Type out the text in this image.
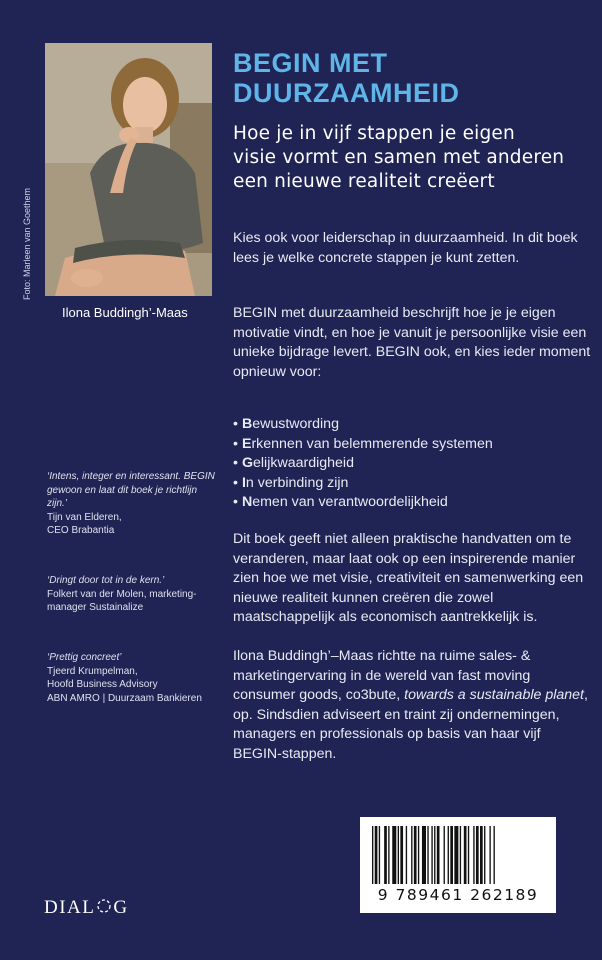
Foto: Marleen van Goethem
Ilona Buddingh’-Maas
BEGIN MET
DUURZAAMHEID
Hoe je in vijf stappen je eigen
visie vormt en samen met anderen
een nieuwe realiteit creëert

Kies ook voor leiderschap in duurzaamheid. In dit boek lees je welke concrete stappen je kunt zetten.

BEGIN met duurzaamheid beschrijft hoe je je eigen motivatie vindt, en hoe je vanuit je persoonlijke visie een unieke bijdrage levert. BEGIN ook, en kies ieder moment opnieuw voor:

• Bewustwording
• Erkennen van belemmerende systemen
• Gelijkwaardigheid
• In verbinding zijn
• Nemen van verantwoordelijkheid

Dit boek geeft niet alleen praktische handvatten om te veranderen, maar laat ook op een inspirerende manier zien hoe we met visie, creativiteit en samenwerking een nieuwe realiteit kunnen creëren die zowel maatschappelijk als economisch aantrekkelijk is.

Ilona Buddingh’–Maas richtte na ruime sales- & marketingervaring in de wereld van fast moving consumer goods, co3bute, towards a sustainable planet, op. Sindsdien adviseert en traint zij ondernemingen, managers en professionals op basis van haar vijf BEGIN-stappen.

‘Intens, integer en interessant. BEGIN gewoon en laat dit boek je richtlijn zijn.’
Tijn van Elderen,
CEO Brabantia
‘Dringt door tot in de kern.’
Folkert van der Molen, marketing-
manager Sustainalize
‘Prettig concreet’
Tjeerd Krumpelman,
Hoofd Business Advisory
ABN AMRO | Duurzaam Bankieren
DIAL G
9 789461 262189
